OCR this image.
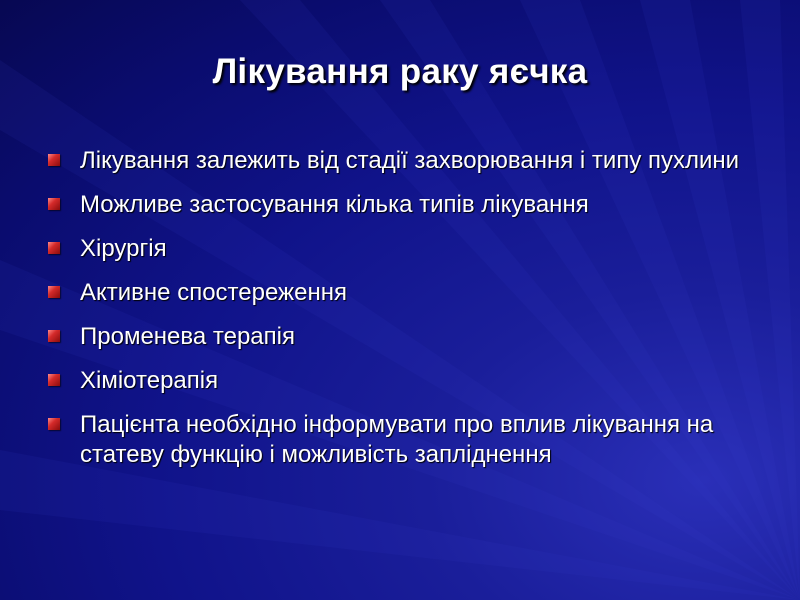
Лікування раку яєчка
Лікування залежить від стадії захворювання і типу пухлини
Можливе застосування кілька типів лікування
Хірургія
Активне спостереження
Променева терапія
Хіміотерапія
Пацієнта необхідно інформувати про вплив лікування на статеву функцію і можливість запліднення
